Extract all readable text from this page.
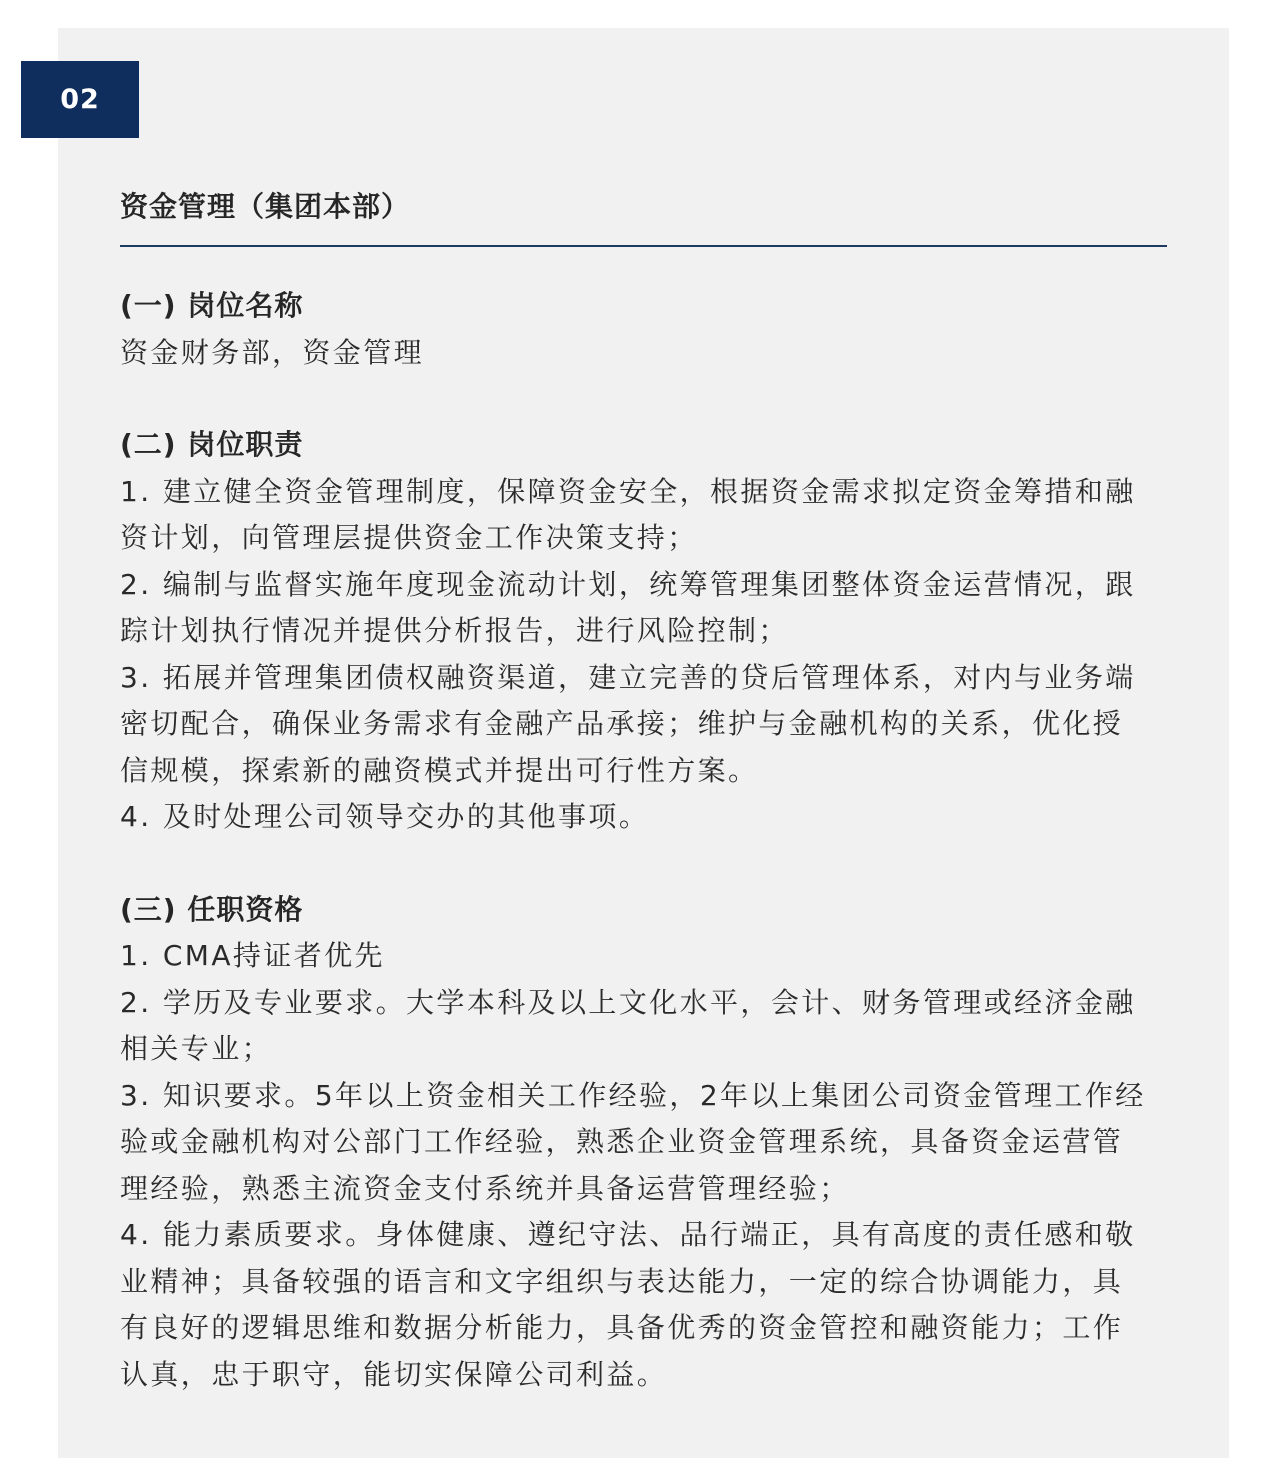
02
资金管理（集团本部）

(一) 岗位名称

资金财务部，资金管理

(二) 岗位职责

1. 建立健全资金管理制度，保障资金安全，根据资金需求拟定资金筹措和融

资计划，向管理层提供资金工作决策支持；

2. 编制与监督实施年度现金流动计划，统筹管理集团整体资金运营情况，跟

踪计划执行情况并提供分析报告，进行风险控制；

3. 拓展并管理集团债权融资渠道，建立完善的贷后管理体系，对内与业务端

密切配合，确保业务需求有金融产品承接；维护与金融机构的关系，优化授

信规模，探索新的融资模式并提出可行性方案。

4. 及时处理公司领导交办的其他事项。

(三) 任职资格

1. CMA持证者优先

2. 学历及专业要求。大学本科及以上文化水平，会计、财务管理或经济金融

相关专业；

3. 知识要求。5年以上资金相关工作经验，2年以上集团公司资金管理工作经

验或金融机构对公部门工作经验，熟悉企业资金管理系统，具备资金运营管

理经验，熟悉主流资金支付系统并具备运营管理经验；

4. 能力素质要求。身体健康、遵纪守法、品行端正，具有高度的责任感和敬

业精神；具备较强的语言和文字组织与表达能力，一定的综合协调能力，具

有良好的逻辑思维和数据分析能力，具备优秀的资金管控和融资能力；工作

认真，忠于职守，能切实保障公司利益。
